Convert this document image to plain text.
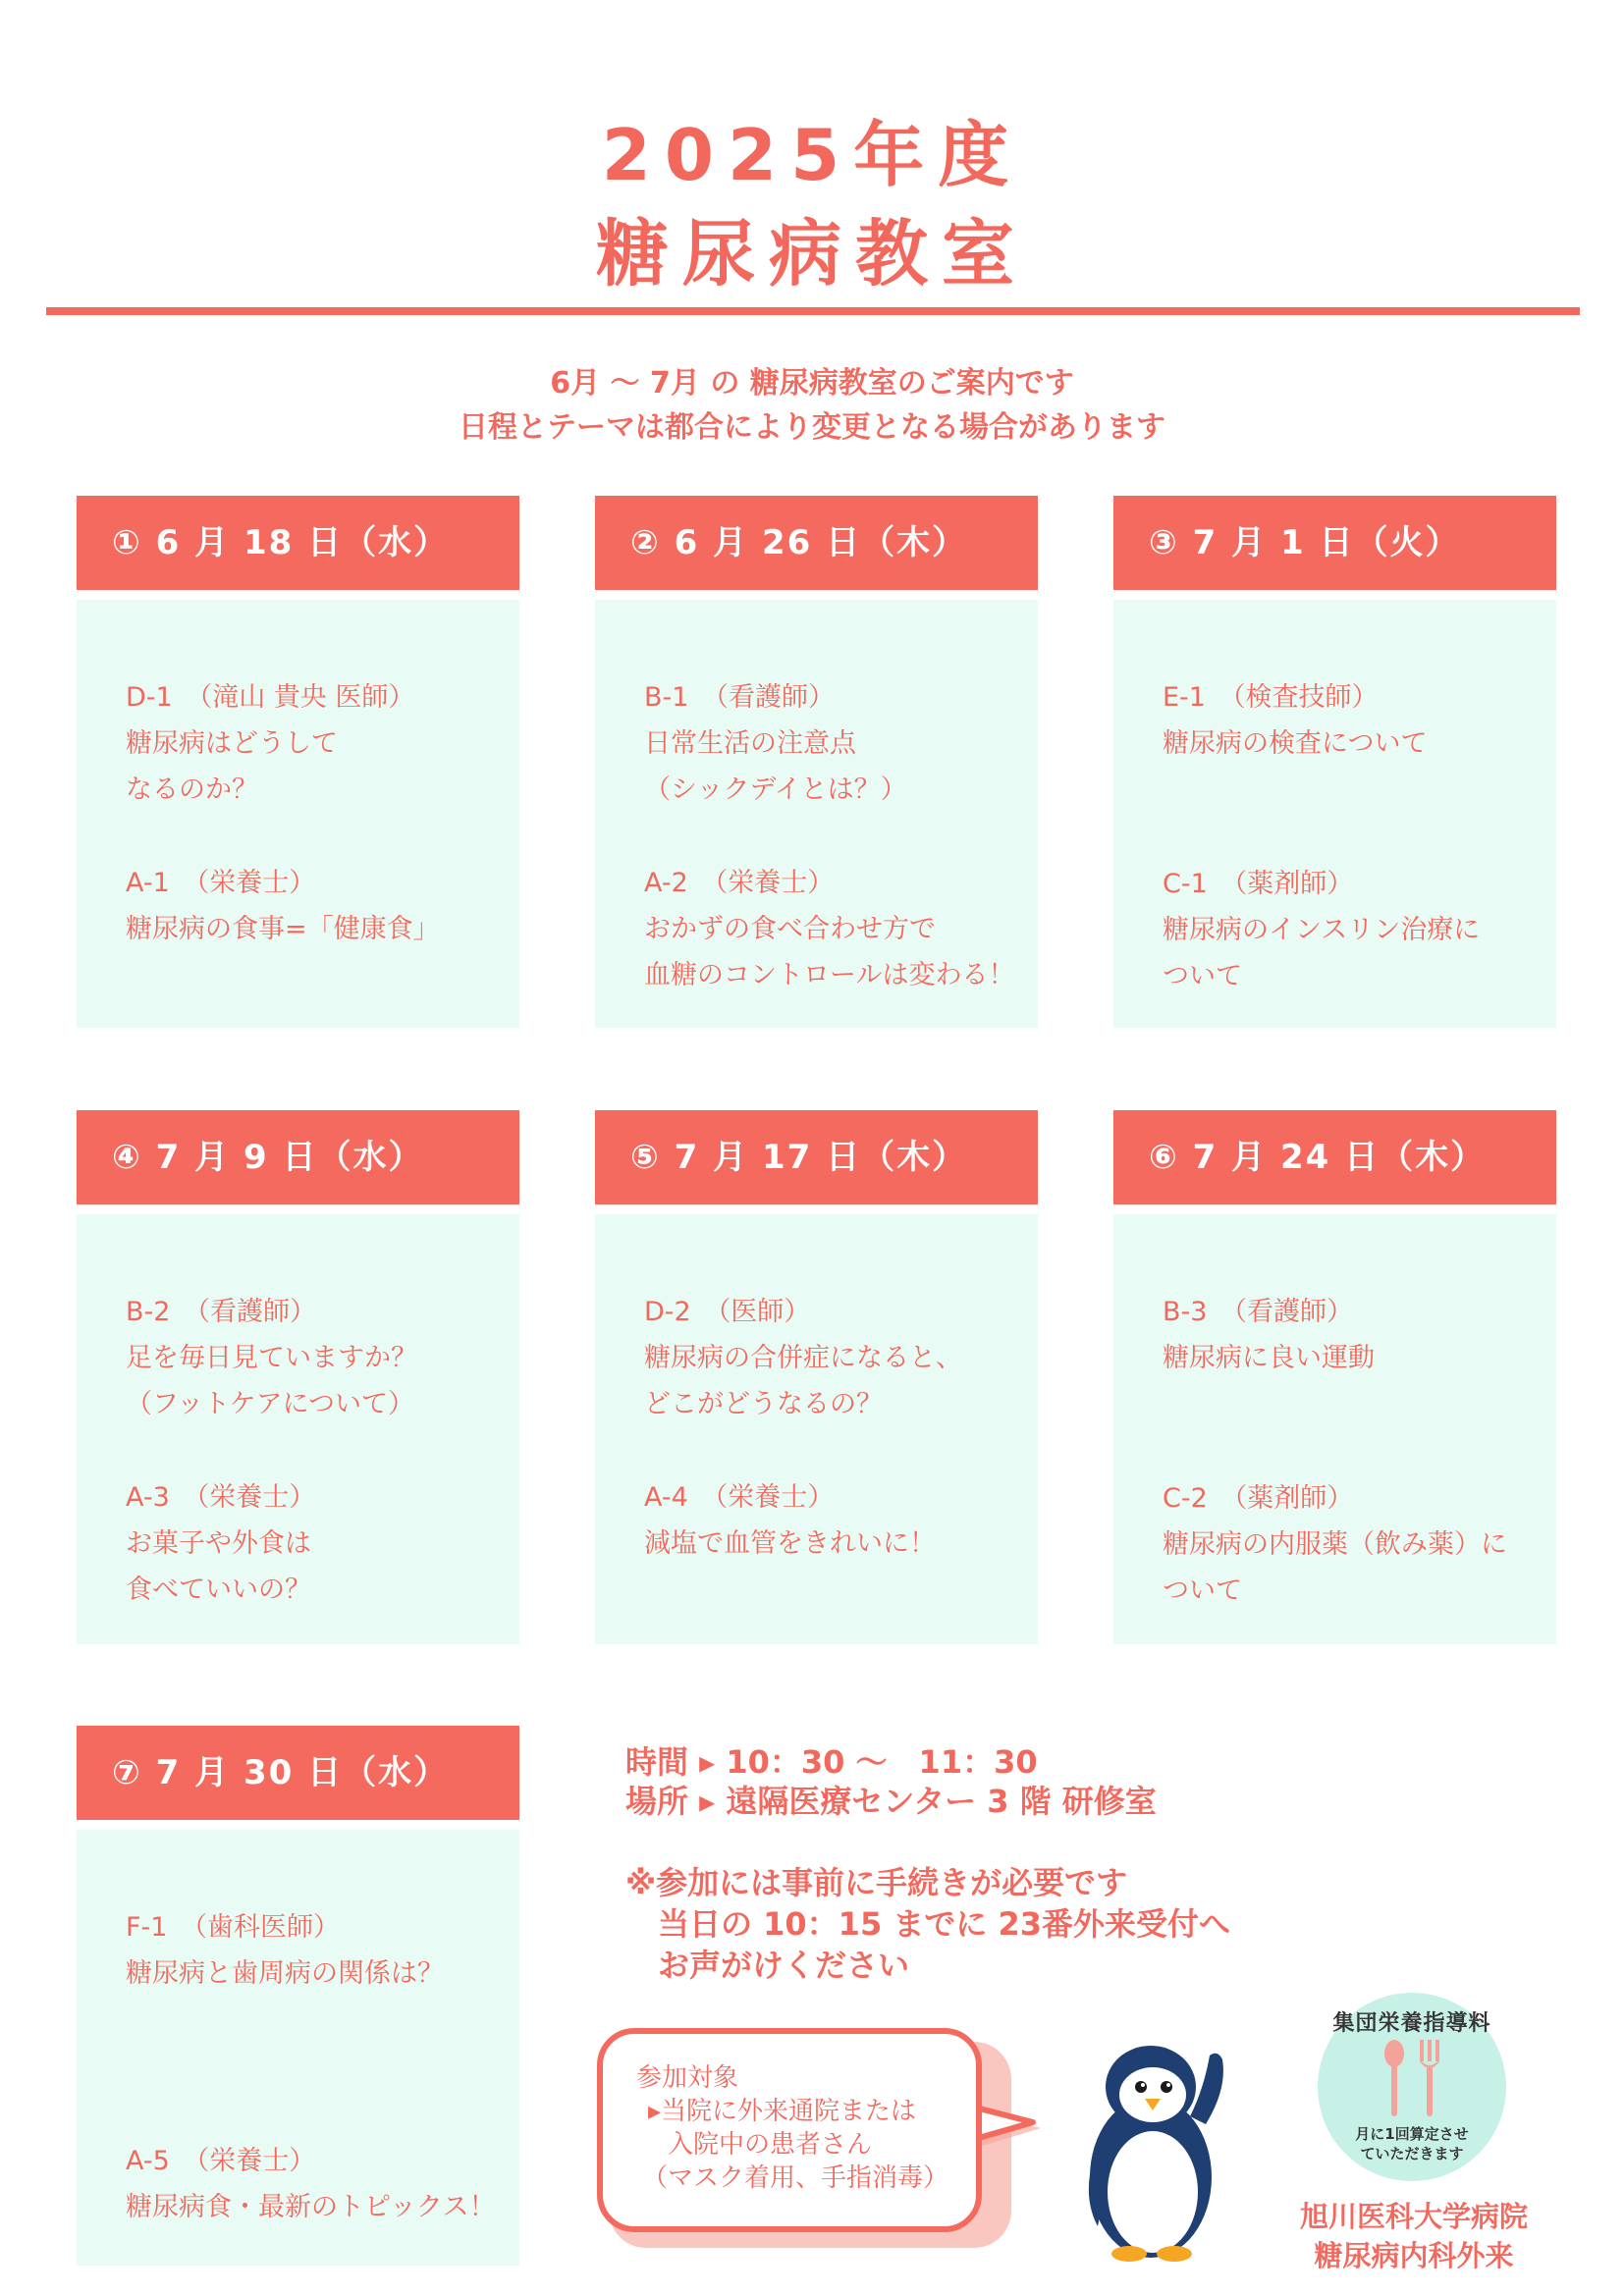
2025年度
糖尿病教室
6月 〜 7月 の 糖尿病教室のご案内です
日程とテーマは都合により変更となる場合があります
① 6 月 18 日（水）
D-1　（滝山 貴央 医師）
糖尿病はどうして
なるのか？
A-1　（栄養士）
糖尿病の食事=「健康食」
② 6 月 26 日（木）
B-1　（看護師）
日常生活の注意点
（シックデイとは？）
A-2　（栄養士）
おかずの食べ合わせ方で
血糖のコントロールは変わる！
③ 7 月 1 日（火）
E-1　（検査技師）
糖尿病の検査について
C-1　（薬剤師）
糖尿病のインスリン治療に
ついて
④ 7 月 9 日（水）
B-2　（看護師）
足を毎日見ていますか？
（フットケアについて）
A-3　（栄養士）
お菓子や外食は
食べていいの？
⑤ 7 月 17 日（木）
D-2　（医師）
糖尿病の合併症になると、
どこがどうなるの？
A-4　（栄養士）
減塩で血管をきれいに！
⑥ 7 月 24 日（木）
B-3　（看護師）
糖尿病に良い運動
C-2　（薬剤師）
糖尿病の内服薬（飲み薬）に
ついて
⑦ 7 月 30 日（水）
F-1　（歯科医師）
糖尿病と歯周病の関係は？
A-5　（栄養士）
糖尿病食・最新のトピックス！
時間 ▸ 10：30 〜　11：30
場所 ▸ 遠隔医療センター 3 階 研修室
※参加には事前に手続きが必要です
当日の 10：15 までに 23番外来受付へ
お声がけください
参加対象
▸当院に外来通院または
入院中の患者さん
（マスク着用、手指消毒）
集団栄養指導料
月に1回算定させ
ていただきます
旭川医科大学病院
糖尿病内科外来
